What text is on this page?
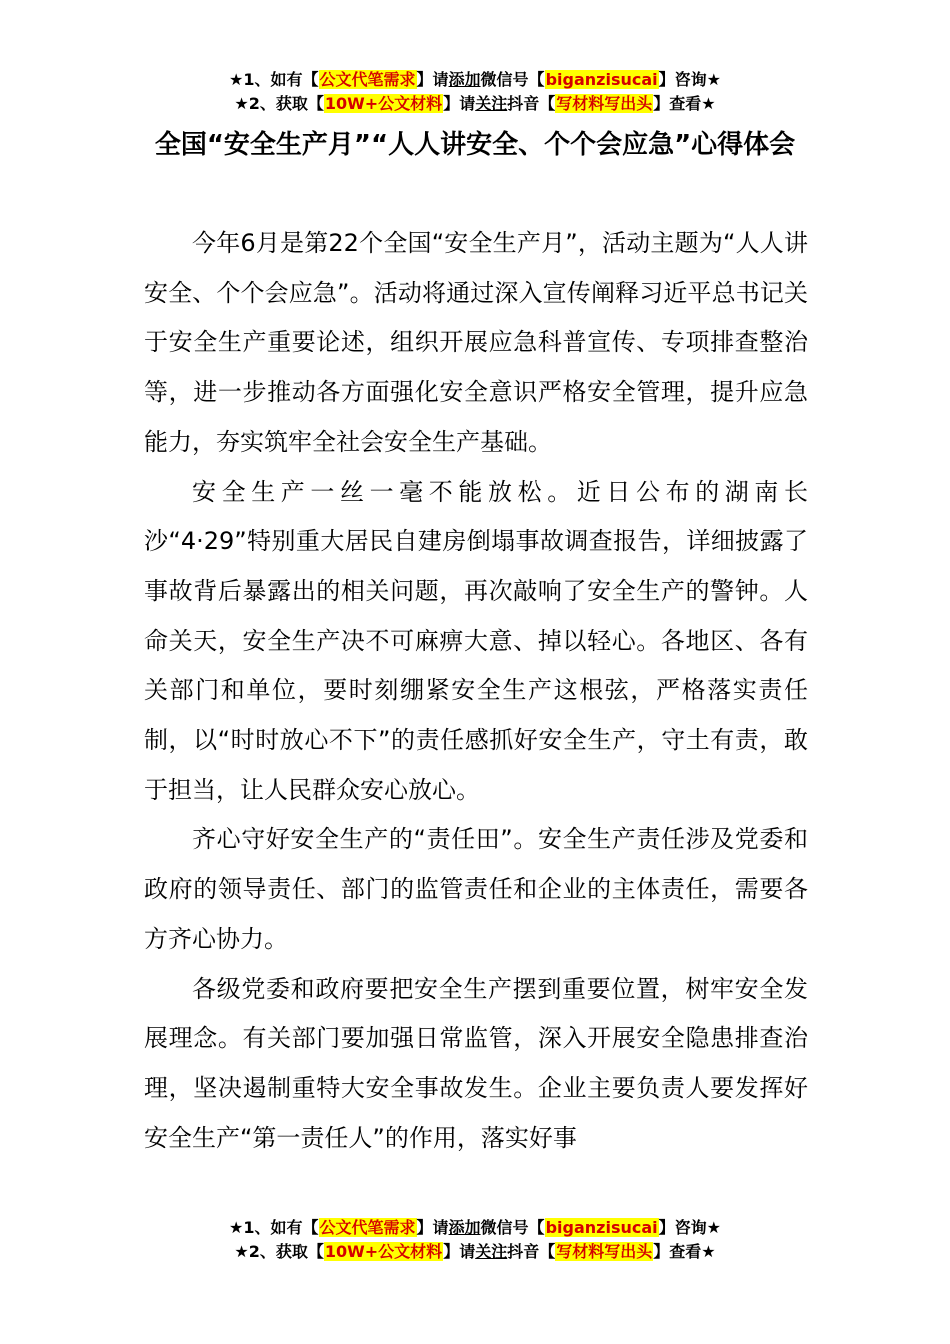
★1、如有【公文代笔需求】请添加微信号【biganzisucai】咨询★
★2、获取【10W+公文材料】请关注抖音【写材料写出头】查看★
全国“安全生产月”“人人讲安全、个个会应急”心得体会

今年6月是第22个全国“安全生产月”，活动主题为“人人讲安全、个个会应急”。活动将通过深入宣传阐释习近平总书记关于安全生产重要论述，组织开展应急科普宣传、专项排查整治等，进一步推动各方面强化安全意识严格安全管理，提升应急能力，夯实筑牢全社会安全生产基础。

安全生产一丝一毫不能放松。近日公布的湖南长沙“4·29”特别重大居民自建房倒塌事故调查报告，详细披露了事故背后暴露出的相关问题，再次敲响了安全生产的警钟。人命关天，安全生产决不可麻痹大意、掉以轻心。各地区、各有关部门和单位，要时刻绷紧安全生产这根弦，严格落实责任制，以“时时放心不下”的责任感抓好安全生产，守土有责，敢于担当，让人民群众安心放心。

齐心守好安全生产的“责任田”。安全生产责任涉及党委和政府的领导责任、部门的监管责任和企业的主体责任，需要各方齐心协力。

各级党委和政府要把安全生产摆到重要位置，树牢安全发展理念。有关部门要加强日常监管，深入开展安全隐患排查治理，坚决遏制重特大安全事故发生。企业主要负责人要发挥好安全生产“第一责任人”的作用，落实好事

★1、如有【公文代笔需求】请添加微信号【biganzisucai】咨询★
★2、获取【10W+公文材料】请关注抖音【写材料写出头】查看★
